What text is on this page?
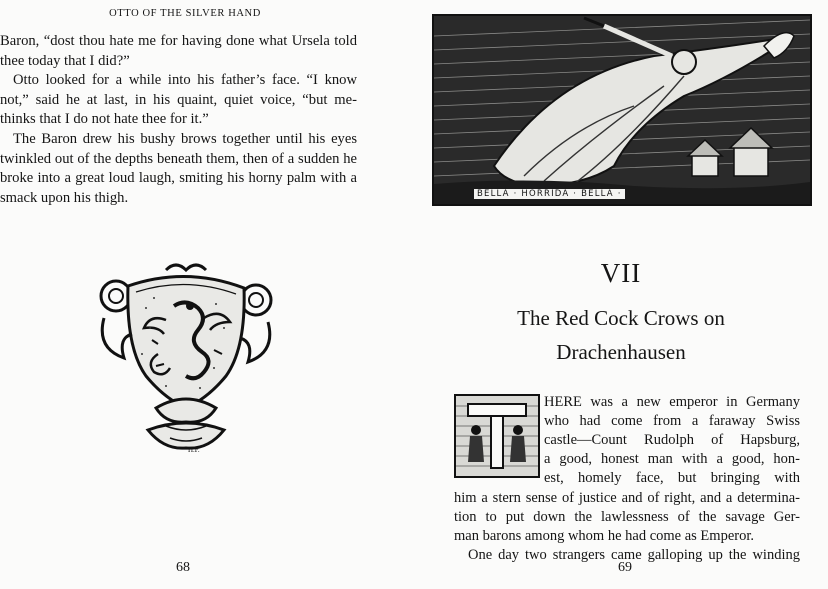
OTTO OF THE SILVER HAND

Baron, “dost thou hate me for having done what Ursela told thee today that I did?”

Otto looked for a while into his father’s face. “I know not,” said he at last, in his quaint, quiet voice, “but me-thinks that I do not hate thee for it.”

The Baron drew his bushy brows together until his eyes twinkled out of the depths beneath them, then of a sudden he broke into a great loud laugh, smiting his horny palm with a smack upon his thigh.

H.P.
68
BELLA · HORRIDA · BELLA ·
VII
The Red Cock Crows on
Drachenhausen
HERE was a new emperor in Germany
who had come from a faraway Swiss
castle—Count Rudolph of Hapsburg,
a good, honest man with a good, hon-
est, homely face, but bringing with
him a stern sense of justice and of right, and a determina-
tion to put down the lawlessness of the savage Ger-
man barons among whom he had come as Emperor.
One day two strangers came galloping up the winding
69
